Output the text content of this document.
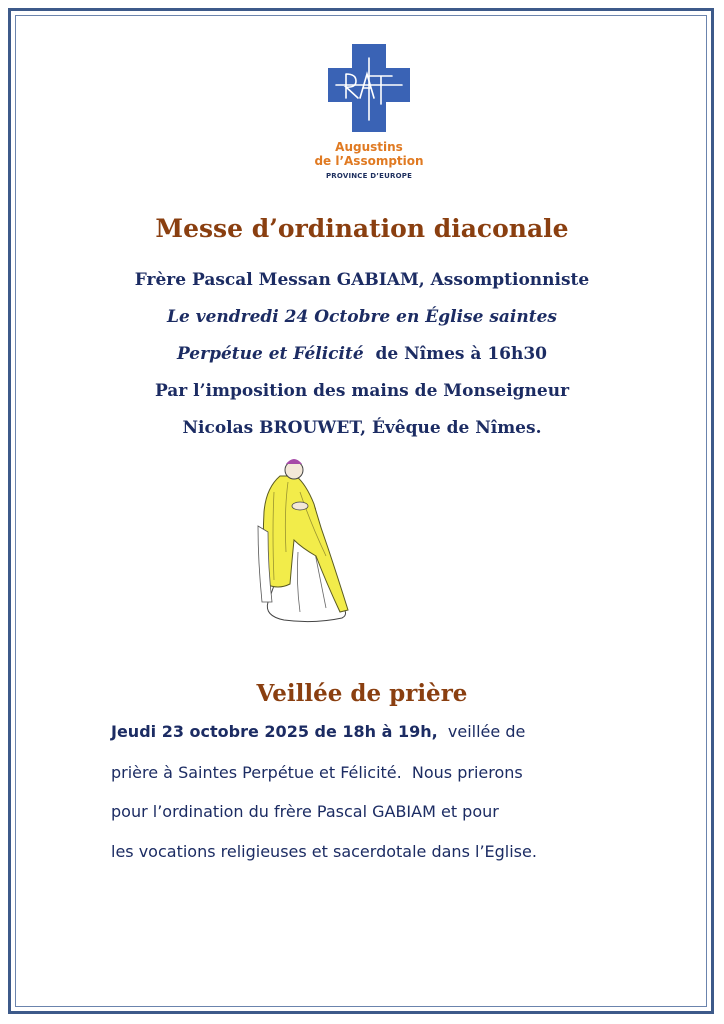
Augustins
de l’Assomption
PROVINCE D’EUROPE
Messe d’ordination diaconale
Frère Pascal Messan GABIAM, Assomptionniste
Le vendredi 24 Octobre en Église saintes
Perpétue et Félicité  de Nîmes à 16h30
Par l’imposition des mains de Monseigneur
Nicolas BROUWET, Évêque de Nîmes.
Veillée de prière
Jeudi 23 octobre 2025 de 18h à 19h,  veillée de
prière à Saintes Perpétue et Félicité.  Nous prierons
pour l’ordination du frère Pascal GABIAM et pour
les vocations religieuses et sacerdotale dans l’Eglise.
